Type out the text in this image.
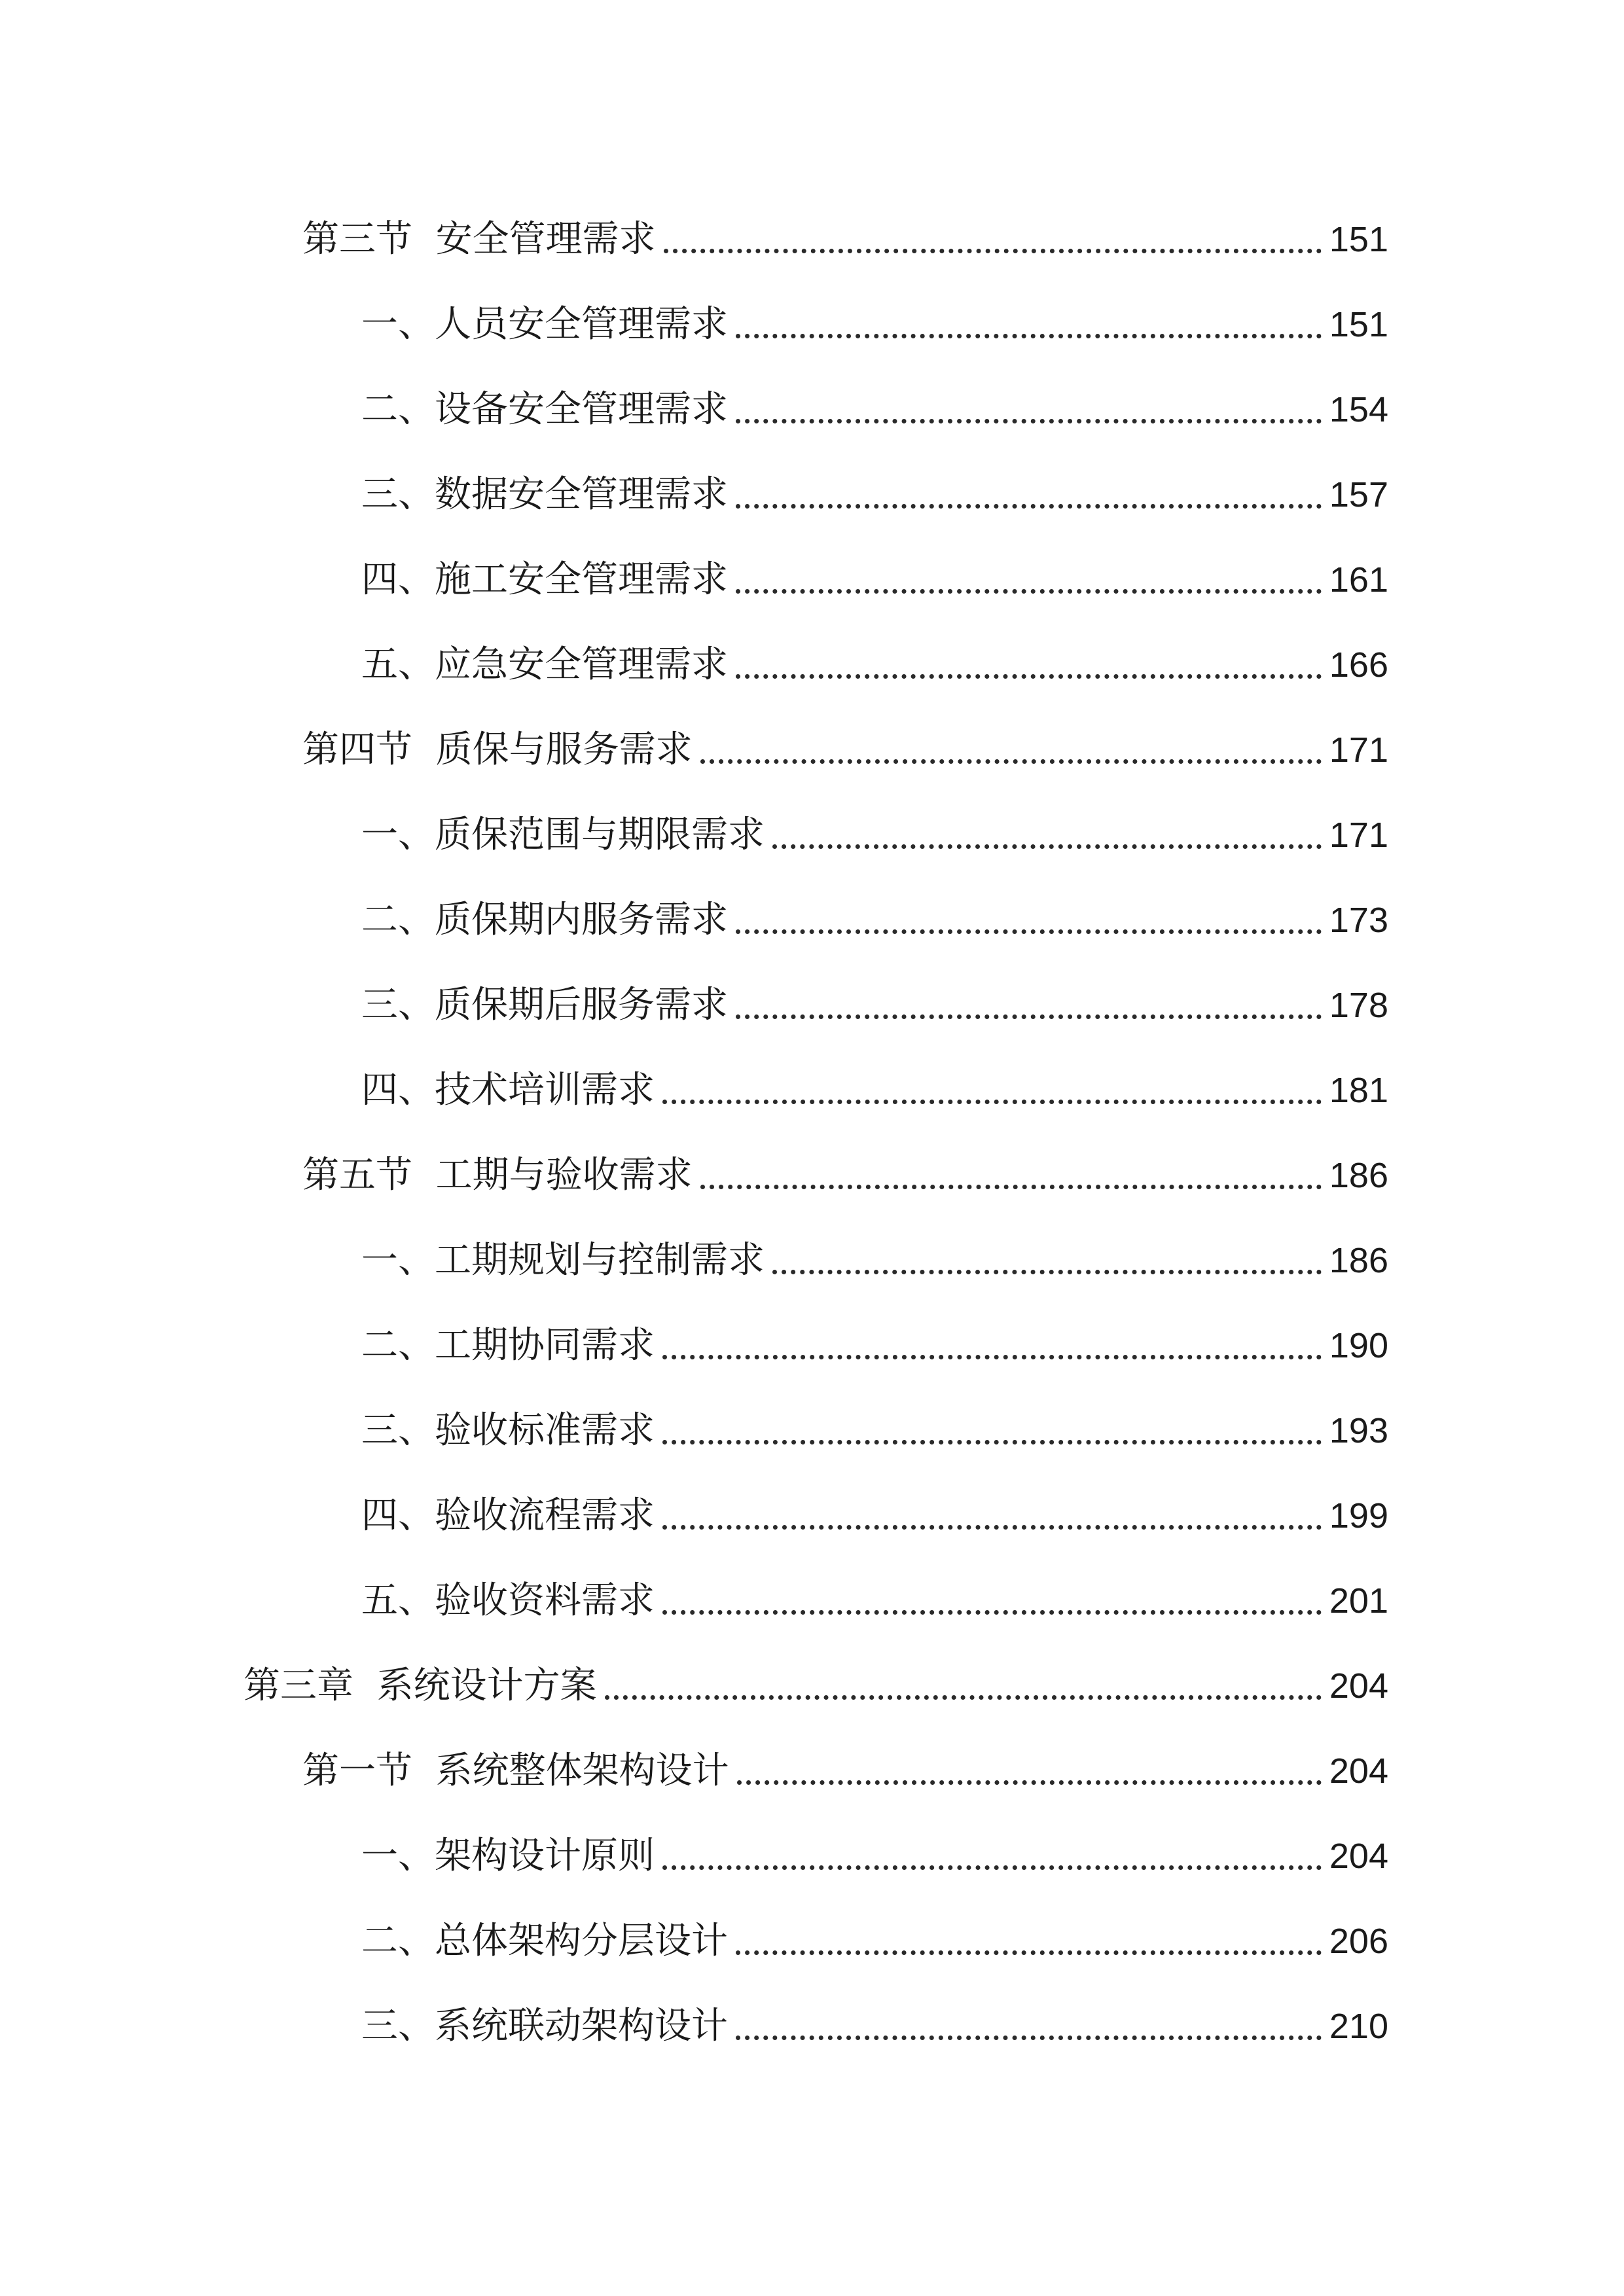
第三节  安全管理需求	151
一、人员安全管理需求	151
二、设备安全管理需求	154
三、数据安全管理需求	157
四、施工安全管理需求	161
五、应急安全管理需求	166
第四节  质保与服务需求	171
一、质保范围与期限需求	171
二、质保期内服务需求	173
三、质保期后服务需求	178
四、技术培训需求	181
第五节  工期与验收需求	186
一、工期规划与控制需求	186
二、工期协同需求	190
三、验收标准需求	193
四、验收流程需求	199
五、验收资料需求	201
第三章  系统设计方案	204
第一节  系统整体架构设计	204
一、架构设计原则	204
二、总体架构分层设计	206
三、系统联动架构设计	210
